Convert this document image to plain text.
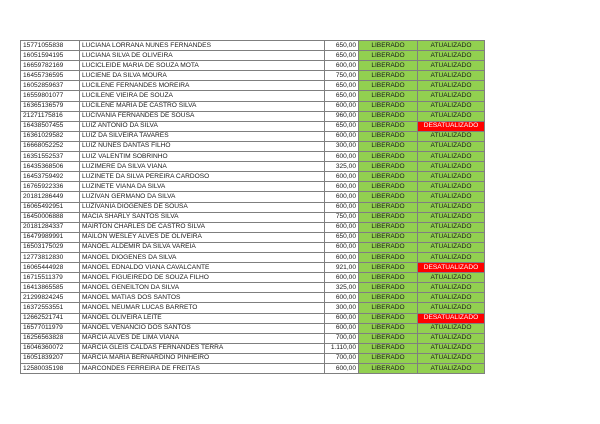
15771055838	LUCIANA LORRANA NUNES FERNANDES	650,00	LIBERADO	ATUALIZADO
16051594195	LUCIANA SILVA DE OLIVEIRA	650,00	LIBERADO	ATUALIZADO
16659782169	LUCICLEIDE MARIA DE SOUZA MOTA	600,00	LIBERADO	ATUALIZADO
16455736595	LUCIENE DA SILVA MOURA	750,00	LIBERADO	ATUALIZADO
16052859637	LUCILENE FERNANDES MOREIRA	650,00	LIBERADO	ATUALIZADO
16559801077	LUCILENE VIEIRA DE SOUZA	650,00	LIBERADO	ATUALIZADO
16365136579	LUCILENE MARIA DE CASTRO SILVA	600,00	LIBERADO	ATUALIZADO
21271175816	LUCIVANIA FERNANDES DE SOUSA	960,00	LIBERADO	ATUALIZADO
16438507455	LUIZ ANTONIO DA SILVA	650,00	LIBERADO	DESATUALIZADO
16361029582	LUIZ DA SILVEIRA TAVARES	600,00	LIBERADO	ATUALIZADO
16668052252	LUIZ NUNES DANTAS FILHO	300,00	LIBERADO	ATUALIZADO
16351552537	LUIZ VALENTIM SOBRINHO	600,00	LIBERADO	ATUALIZADO
16435368506	LUZIMERE DA SILVA VIANA	325,00	LIBERADO	ATUALIZADO
16453759492	LUZINETE DA SILVA PEREIRA CARDOSO	600,00	LIBERADO	ATUALIZADO
16765922336	LUZINETE VIANA DA SILVA	600,00	LIBERADO	ATUALIZADO
20181286449	LUZIVAN GERMANO DA SILVA	600,00	LIBERADO	ATUALIZADO
16065492951	LUZIVANIA DIOGENES DE SOUSA	600,00	LIBERADO	ATUALIZADO
16450006888	MACIA SHARLY SANTOS SILVA	750,00	LIBERADO	ATUALIZADO
20181284337	MAIRTON CHARLES DE CASTRO SILVA	600,00	LIBERADO	ATUALIZADO
16479989991	MAILON WESLEY ALVES DE OLIVEIRA	650,00	LIBERADO	ATUALIZADO
16503175029	MANOEL ALDEMIR DA SILVA VAREIA	600,00	LIBERADO	ATUALIZADO
12773812830	MANOEL DIOGENES DA SILVA	600,00	LIBERADO	ATUALIZADO
16065444928	MANOEL EDNALDO VIANA CAVALCANTE	921,00	LIBERADO	DESATUALIZADO
16715511379	MANOEL FIGUEIREDO DE SOUZA FILHO	600,00	LIBERADO	ATUALIZADO
16413865585	MANOEL GENEILTON DA SILVA	325,00	LIBERADO	ATUALIZADO
21299824245	MANOEL MATIAS DOS SANTOS	600,00	LIBERADO	ATUALIZADO
16372553551	MANOEL NEUMAR LUCAS BARRETO	300,00	LIBERADO	ATUALIZADO
12662521741	MANOEL OLIVEIRA LEITE	600,00	LIBERADO	DESATUALIZADO
16577011979	MANOEL VENANCIO DOS SANTOS	600,00	LIBERADO	ATUALIZADO
16256563828	MARCIA ALVES DE LIMA VIANA	700,00	LIBERADO	ATUALIZADO
16046360072	MARCIA GLEIS CALDAS FERNANDES TERRA	1.110,00	LIBERADO	ATUALIZADO
16051839207	MARCIA MARIA BERNARDINO PINHEIRO	700,00	LIBERADO	ATUALIZADO
12580035198	MARCONDES FERREIRA DE FREITAS	600,00	LIBERADO	ATUALIZADO
